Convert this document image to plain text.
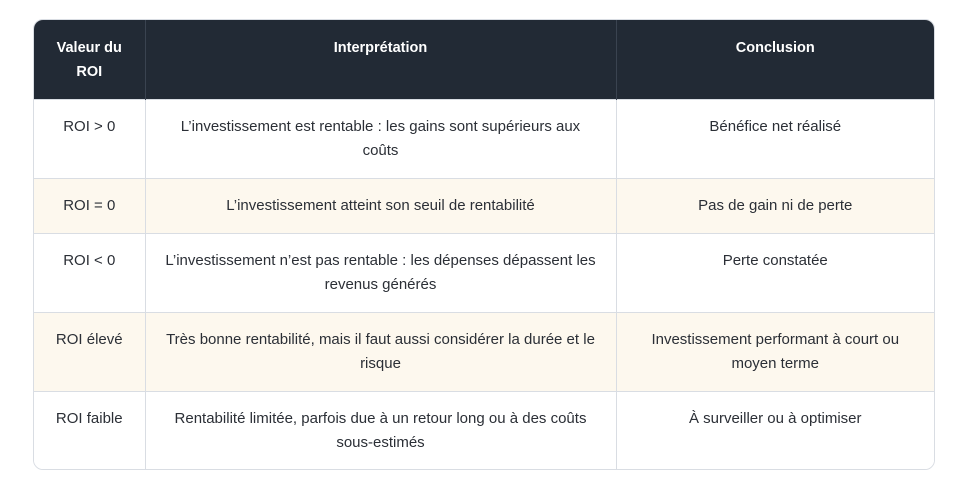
Valeur du ROI	Interprétation	Conclusion
ROI > 0	L’investissement est rentable : les gains sont supérieurs aux coûts	Bénéfice net réalisé
ROI = 0	L’investissement atteint son seuil de rentabilité	Pas de gain ni de perte
ROI < 0	L’investissement n’est pas rentable : les dépenses dépassent les revenus générés	Perte constatée
ROI élevé	Très bonne rentabilité, mais il faut aussi considérer la durée et le risque	Investissement performant à court ou moyen terme
ROI faible	Rentabilité limitée, parfois due à un retour long ou à des coûts sous-estimés	À surveiller ou à optimiser
